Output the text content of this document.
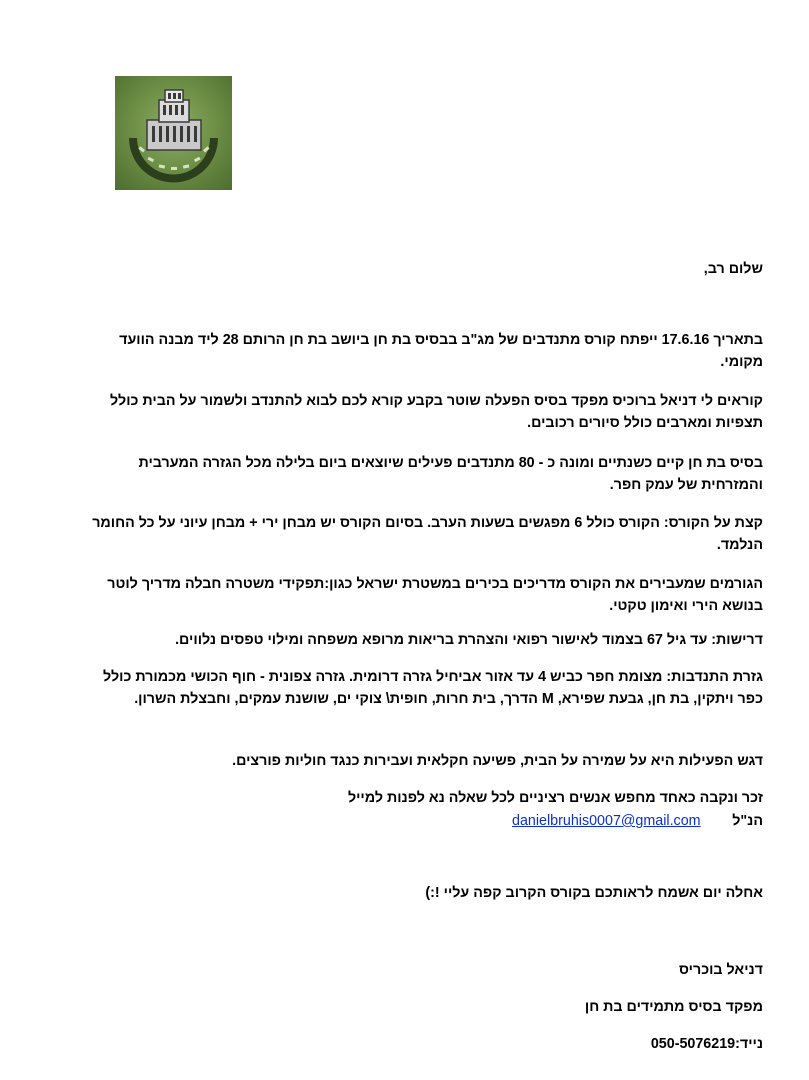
שלום רב,
בתאריך 17.6.16 ייפתח קורס מתנדבים של מג"ב בבסיס בת חן ביושב בת חן הרותם 28 ליד מבנה הוועד מקומי.
קוראים לי דניאל ברוכיס מפקד בסיס הפעלה שוטר בקבע קורא לכם לבוא להתנדב ולשמור על הבית כולל תצפיות ומארבים כולל סיורים רכובים.
בסיס בת חן קיים כשנתיים ומונה כ - 80 מתנדבים פעילים שיוצאים ביום בלילה מכל הגזרה המערבית והמזרחית של עמק חפר.
קצת על הקורס: הקורס כולל 6 מפגשים בשעות הערב. בסיום הקורס יש מבחן ירי + מבחן עיוני על כל החומר הנלמד.
הגורמים שמעבירים את הקורס מדריכים בכירים במשטרת ישראל כגון:תפקידי משטרה חבלה מדריך לוטר בנושא הירי ואימון טקטי.
דרישות: עד גיל 67 בצמוד לאישור רפואי והצהרת בריאות מרופא משפחה ומילוי טפסים נלווים.
גזרת התנדבות: מצומת חפר כביש 4 עד אזור אביחיל גזרה דרומית. גזרה צפונית - חוף הכושי מכמורת כולל כפר ויתקין, בת חן, גבעת שפירא, M הדרך, בית חרות, חופית\ צוקי ים, שושנת עמקים, וחבצלת השרון.
דגש הפעילות היא על שמירה על הבית, פשיעה חקלאית ועבירות כנגד חוליות פורצים.
זכר ונקבה כאחד מחפש אנשים רציניים לכל שאלה נא לפנות למייל
הנ"ל
danielbruhis0007@gmail.com
אחלה יום אשמח לראותכם בקורס הקרוב קפה עליי !:)
דניאל בוכריס
מפקד בסיס מתמידים בת חן
נייד:050-5076219
